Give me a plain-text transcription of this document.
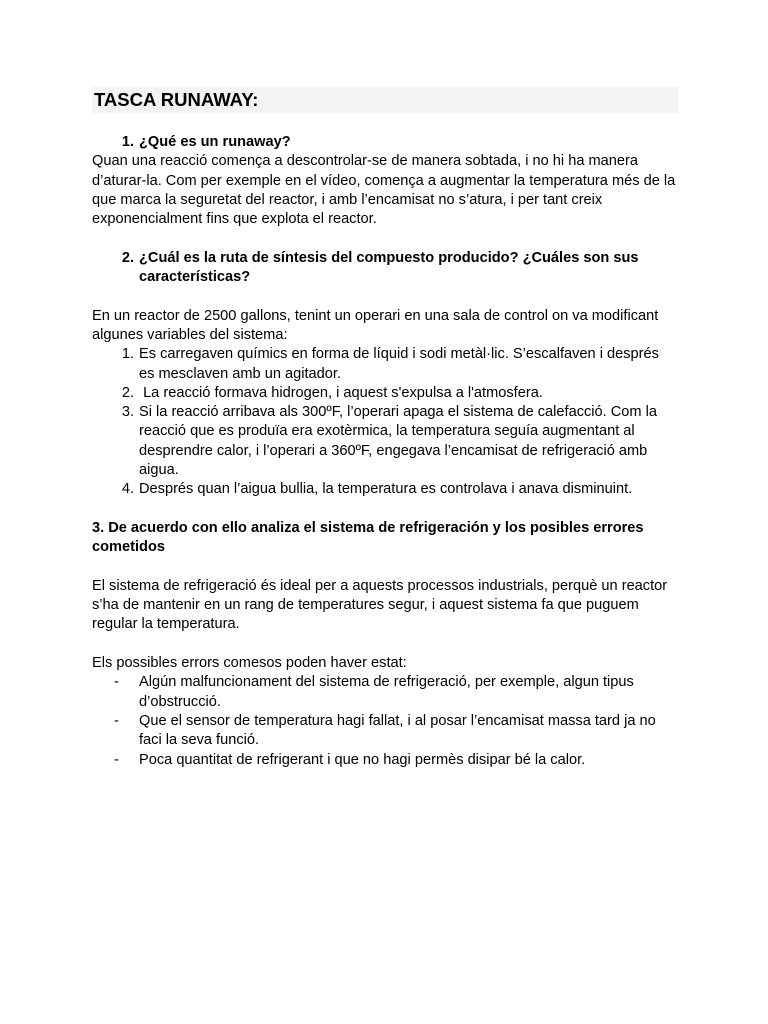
TASCA RUNAWAY:
1. ¿Qué es un runaway?

Quan una reacció comença a descontrolar-se de manera sobtada, i no hi ha manera d’aturar-la. Com per exemple en el vídeo, comença a augmentar la temperatura més de la que marca la seguretat del reactor, i amb l’encamisat no s’atura, i per tant creix exponencialment fins que explota el reactor.

2. ¿Cuál es la ruta de síntesis del compuesto producido? ¿Cuáles son sus características?

En un reactor de 2500 gallons, tenint un operari en una sala de control on va modificant algunes variables del sistema:

1. Es carregaven químics en forma de líquid i sodi metàl·lic. S’escalfaven i després es mesclaven amb un agitador.
2. La reacció formava hidrogen, i aquest s'expulsa a l'atmosfera.
3. Si la reacció arribava als 300ºF, l’operari apaga el sistema de calefacció. Com la reacció que es produïa era exotèrmica, la temperatura seguía augmentant al desprendre calor, i l’operari a 360ºF, engegava l’encamisat de refrigeració amb aigua.
4. Després quan l’aigua bullia, la temperatura es controlava i anava disminuint.

3. De acuerdo con ello analiza el sistema de refrigeración y los posibles errores cometidos

El sistema de refrigeració és ideal per a aquests processos industrials, perquè un reactor s’ha de mantenir en un rang de temperatures segur, i aquest sistema fa que puguem regular la temperatura.

Els possibles errors comesos poden haver estat:

- Algún malfuncionament del sistema de refrigeració, per exemple, algun tipus d’obstrucció.
- Que el sensor de temperatura hagi fallat, i al posar l’encamisat massa tard ja no faci la seva funció.
- Poca quantitat de refrigerant i que no hagi permès disipar bé la calor.
